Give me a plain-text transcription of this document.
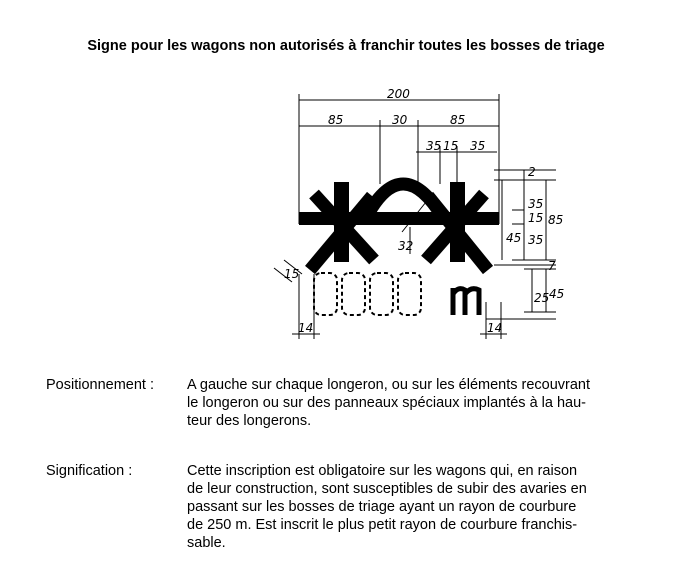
Signe pour les wagons non autorisés à franchir toutes les bosses de triage
200
85	30	85
35 15 35
2
35
15
35
85
7
25 45
40
32
45
15
14	14
Positionnement :	A gauche sur chaque longeron, ou sur les éléments recouvrant
le longeron ou sur des panneaux spéciaux implantés à la hau-
teur des longerons.
Signification :	Cette inscription est obligatoire sur les wagons qui, en raison
de leur construction, sont susceptibles de subir des avaries en
passant sur les bosses de triage ayant un rayon de courbure
de 250 m. Est inscrit le plus petit rayon de courbure franchis-
sable.
